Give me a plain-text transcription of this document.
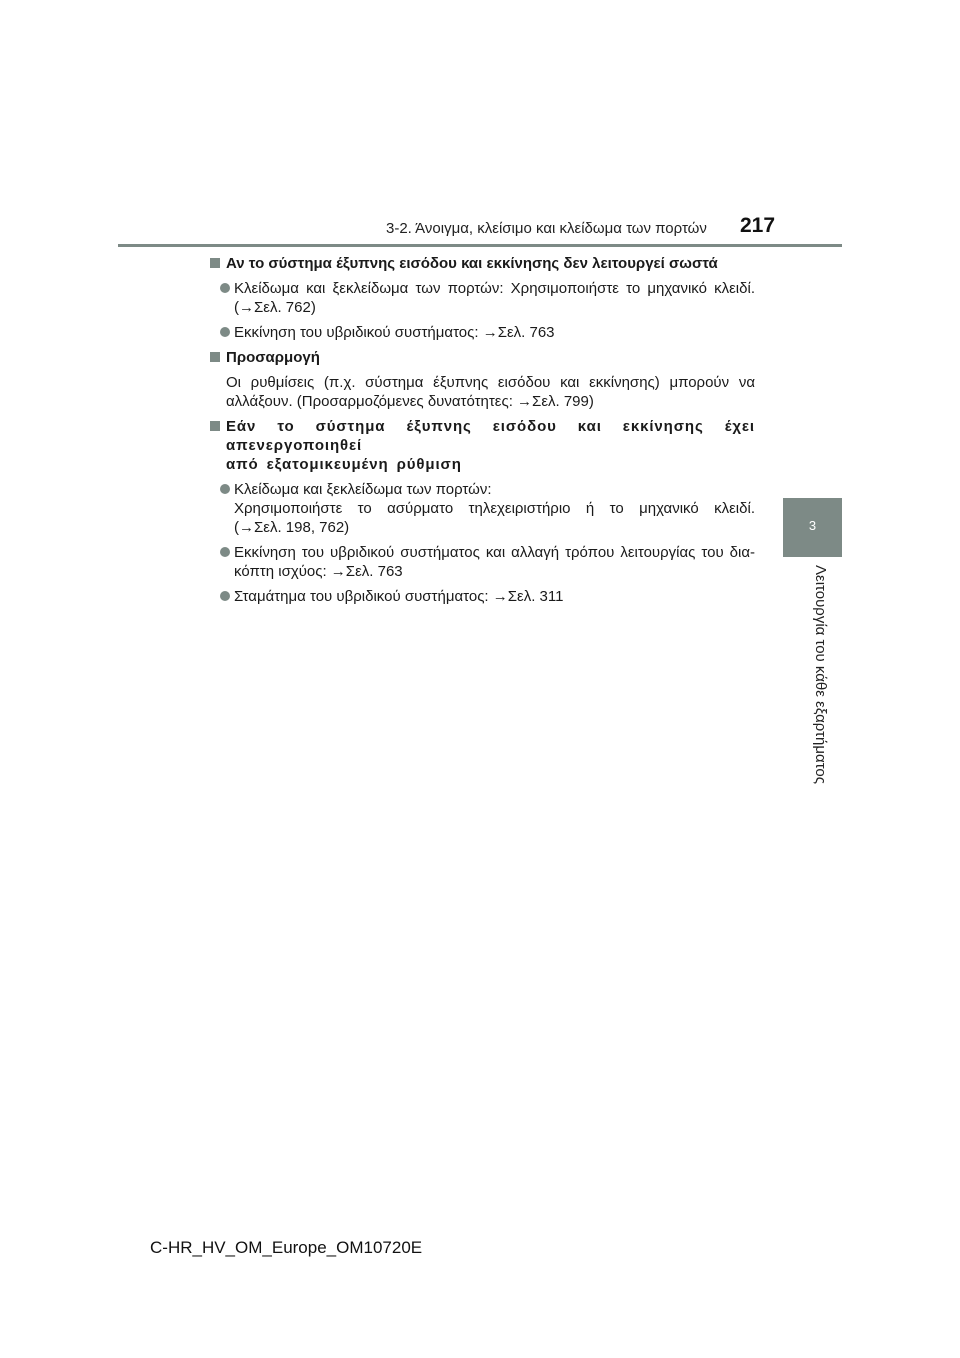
3-2. Άνοιγμα, κλείσιμο και κλείδωμα των πορτών 217
3
Λειτουργία του κάθε εξαρτήματος
Αν το σύστημα έξυπνης εισόδου και εκκίνησης δεν λειτουργεί σωστά
Κλείδωμα και ξεκλείδωμα των πορτών: Χρησιμοποιήστε το μηχανικό κλειδί.
(→Σελ. 762)
Εκκίνηση του υβριδικού συστήματος: →Σελ. 763
Προσαρμογή
Οι ρυθμίσεις (π.χ. σύστημα έξυπνης εισόδου και εκκίνησης) μπορούν να
αλλάξουν. (Προσαρμοζόμενες δυνατότητες: →Σελ. 799)
Εάν το σύστημα έξυπνης εισόδου και εκκίνησης έχει απενεργοποιηθεί
από εξατομικευμένη ρύθμιση
Κλείδωμα και ξεκλείδωμα των πορτών:
Χρησιμοποιήστε το ασύρματο τηλεχειριστήριο ή το μηχανικό κλειδί.
(→Σελ. 198, 762)
Εκκίνηση του υβριδικού συστήματος και αλλαγή τρόπου λειτουργίας του δια-
κόπτη ισχύος: →Σελ. 763
Σταμάτημα του υβριδικού συστήματος: →Σελ. 311
C-HR_HV_OM_Europe_OM10720E
